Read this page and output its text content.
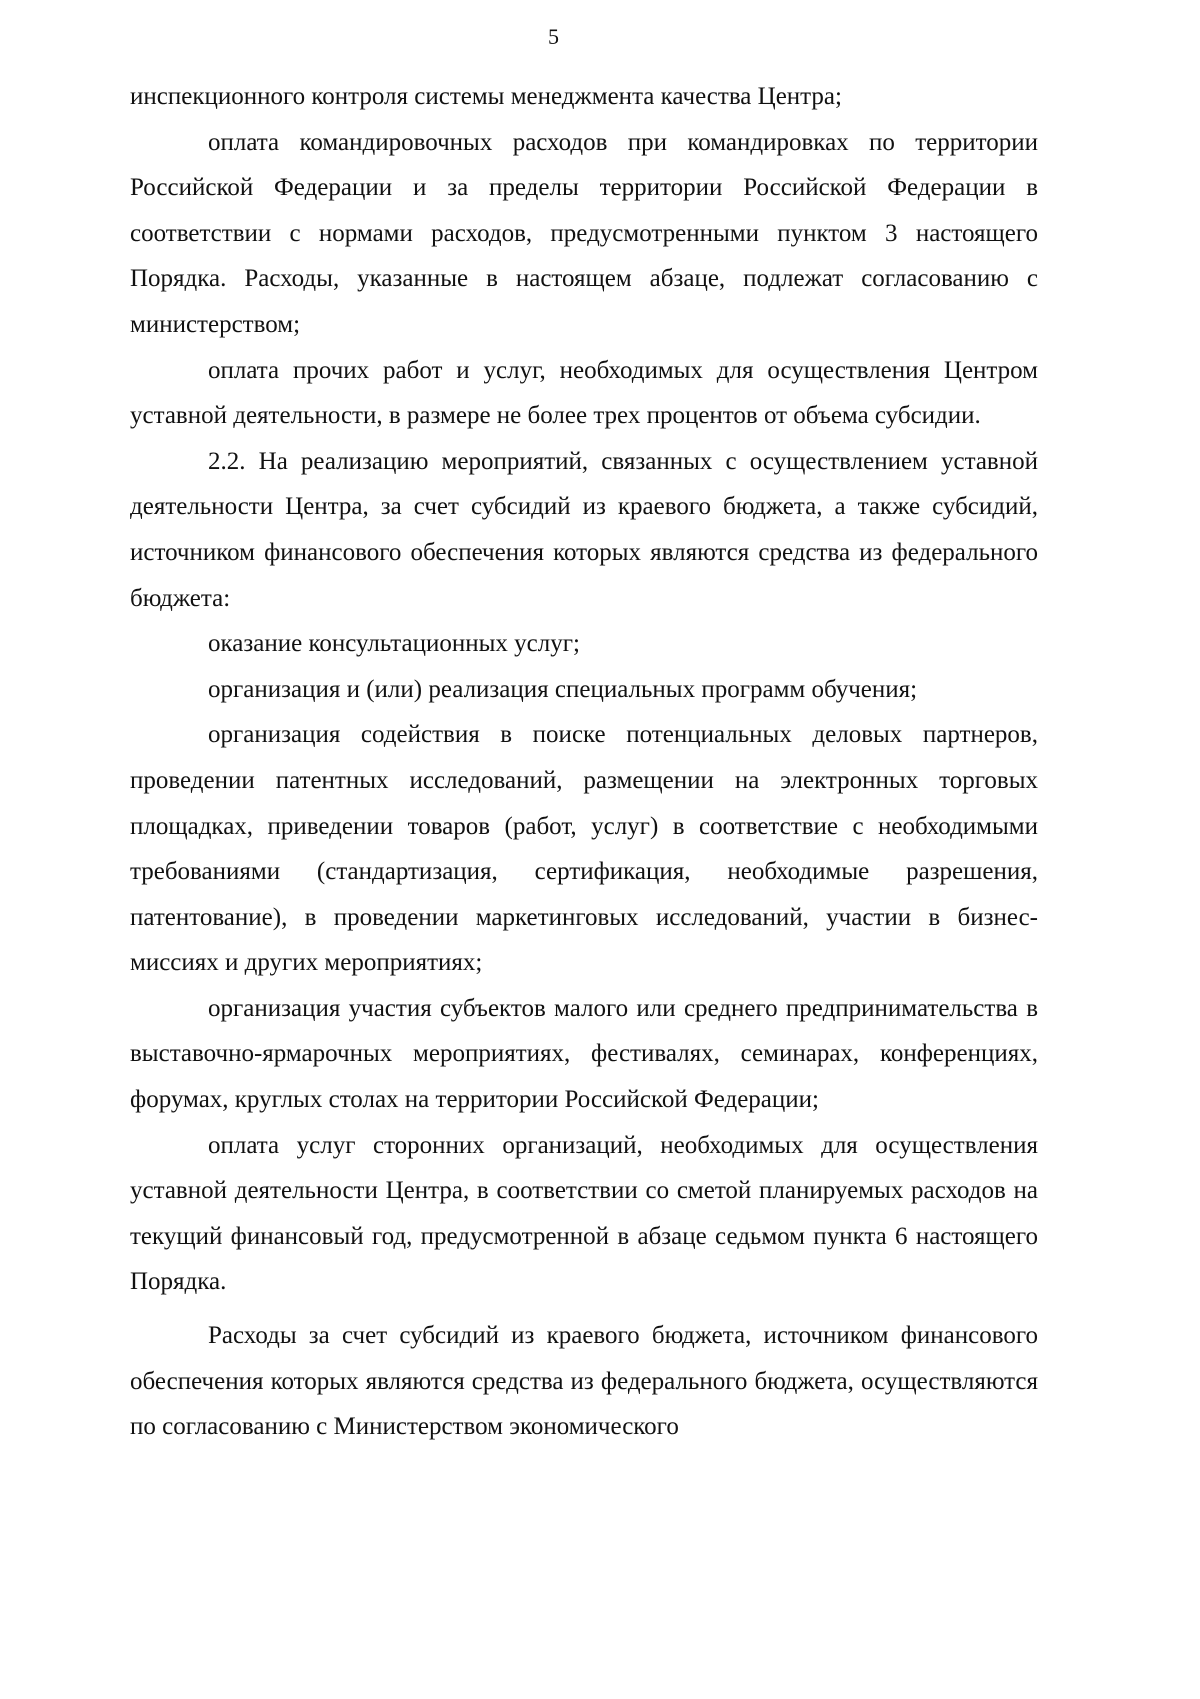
5

инспекционного контроля системы менеджмента качества Центра;

оплата командировочных расходов при командировках по территории Российской Федерации и за пределы территории Российской Федерации в соответствии с нормами расходов, предусмотренными пунктом 3 настоящего Порядка. Расходы, указанные в настоящем абзаце, подлежат согласованию с министерством;

оплата прочих работ и услуг, необходимых для осуществления Центром уставной деятельности, в размере не более трех процентов от объема субсидии.

2.2. На реализацию мероприятий, связанных с осуществлением уставной деятельности Центра, за счет субсидий из краевого бюджета, а также субсидий, источником финансового обеспечения которых являются средства из федерального бюджета:

оказание консультационных услуг;

организация и (или) реализация специальных программ обучения;

организация содействия в поиске потенциальных деловых партнеров, проведении патентных исследований, размещении на электронных торговых площадках, приведении товаров (работ, услуг) в соответствие с необходимыми требованиями (стандартизация, сертификация, необходимые разрешения, патентование), в проведении маркетинговых исследований, участии в бизнес-миссиях и других мероприятиях;

организация участия субъектов малого или среднего предпринимательства в выставочно-ярмарочных мероприятиях, фестивалях, семинарах, конференциях, форумах, круглых столах на территории Российской Федерации;

оплата услуг сторонних организаций, необходимых для осуществления уставной деятельности Центра, в соответствии со сметой планируемых расходов на текущий финансовый год, предусмотренной в абзаце седьмом пункта 6 настоящего Порядка.

Расходы за счет субсидий из краевого бюджета, источником финансового обеспечения которых являются средства из федерального бюджета, осуществляются по согласованию с Министерством экономического
